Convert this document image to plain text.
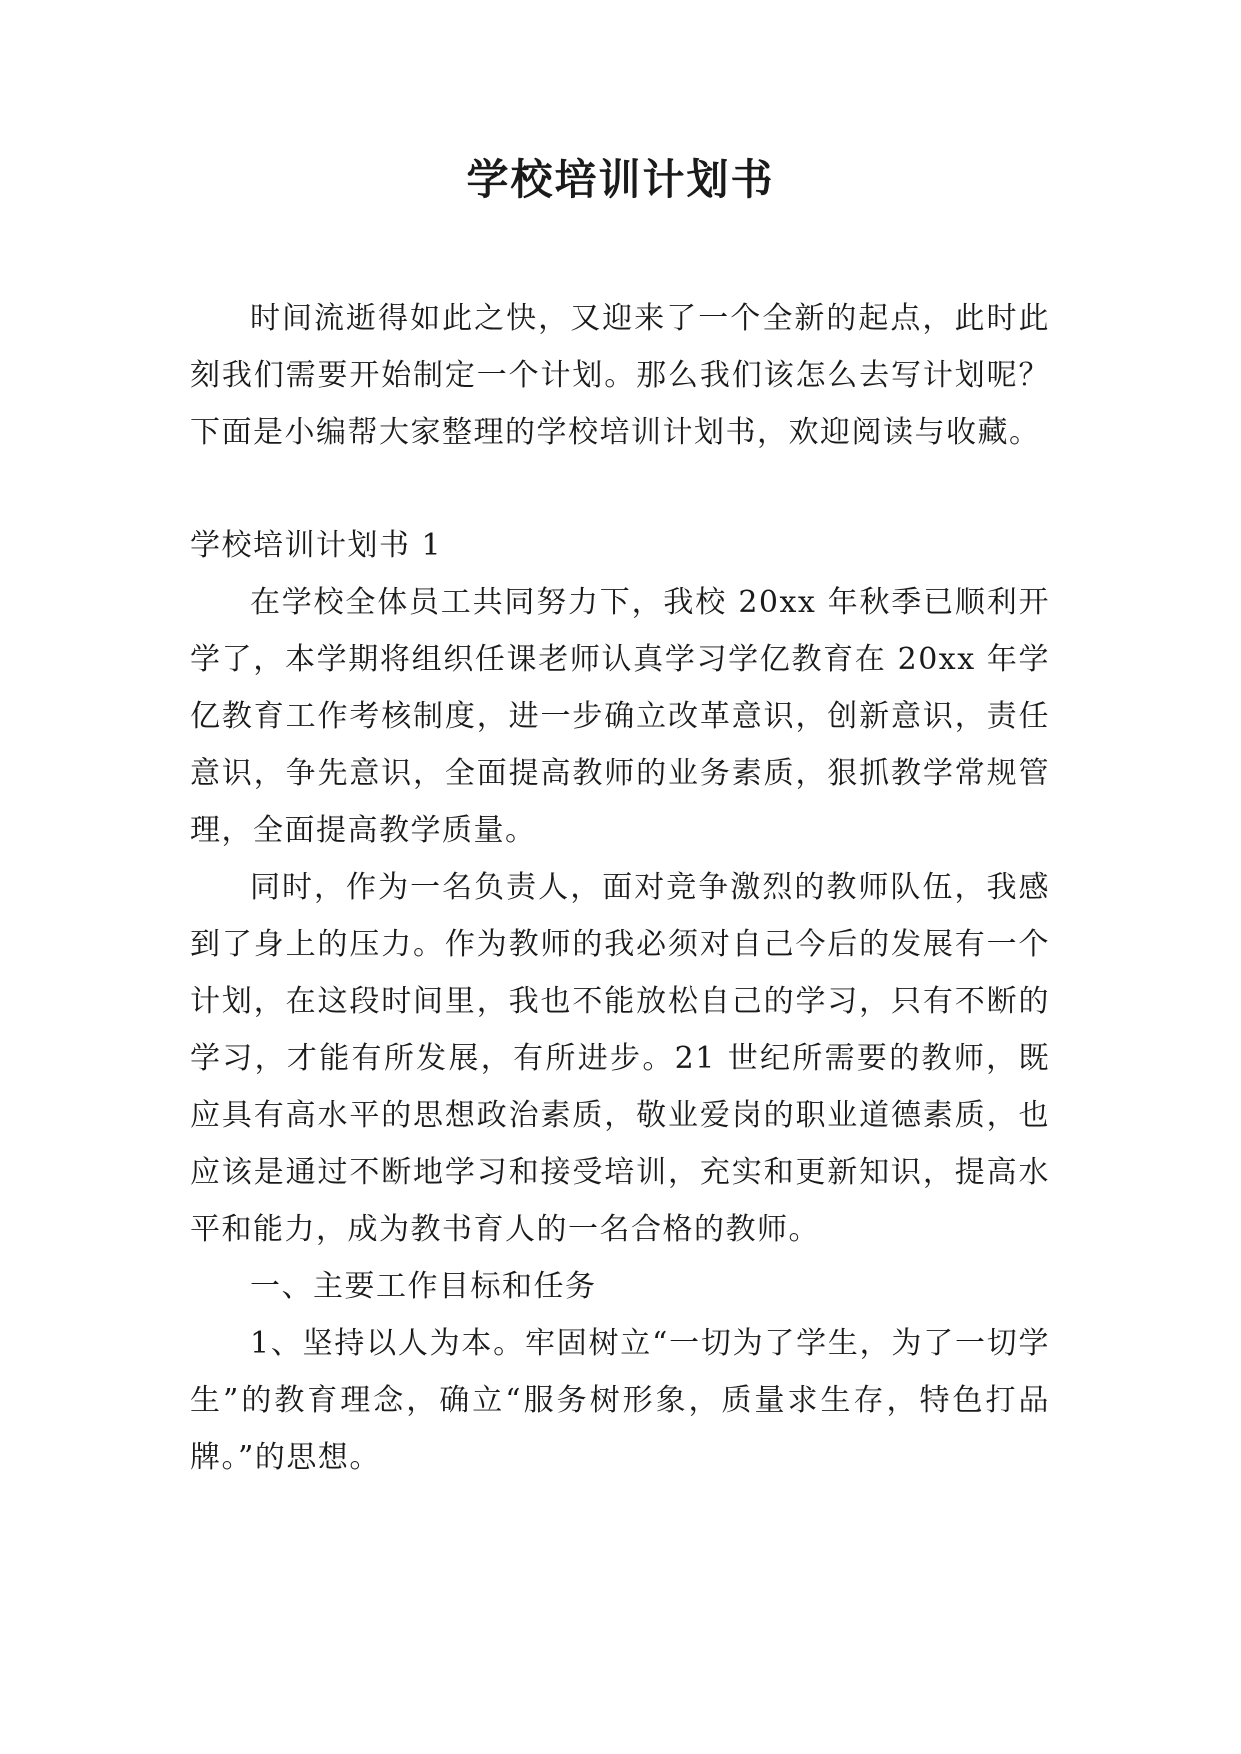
学校培训计划书

时间流逝得如此之快，又迎来了一个全新的起点，此时此刻我们需要开始制定一个计划。那么我们该怎么去写计划呢？下面是小编帮大家整理的学校培训计划书，欢迎阅读与收藏。

学校培训计划书 1

在学校全体员工共同努力下，我校 20xx 年秋季已顺利开学了，本学期将组织任课老师认真学习学亿教育在 20xx 年学亿教育工作考核制度，进一步确立改革意识，创新意识，责任意识，争先意识，全面提高教师的业务素质，狠抓教学常规管理，全面提高教学质量。

同时，作为一名负责人，面对竞争激烈的教师队伍，我感到了身上的压力。作为教师的我必须对自己今后的发展有一个计划，在这段时间里，我也不能放松自己的学习，只有不断的学习，才能有所发展，有所进步。21 世纪所需要的教师，既应具有高水平的思想政治素质，敬业爱岗的职业道德素质，也应该是通过不断地学习和接受培训，充实和更新知识，提高水平和能力，成为教书育人的一名合格的教师。

一、主要工作目标和任务

1、坚持以人为本。牢固树立“一切为了学生，为了一切学生”的教育理念，确立“服务树形象，质量求生存，特色打品牌。”的思想。
